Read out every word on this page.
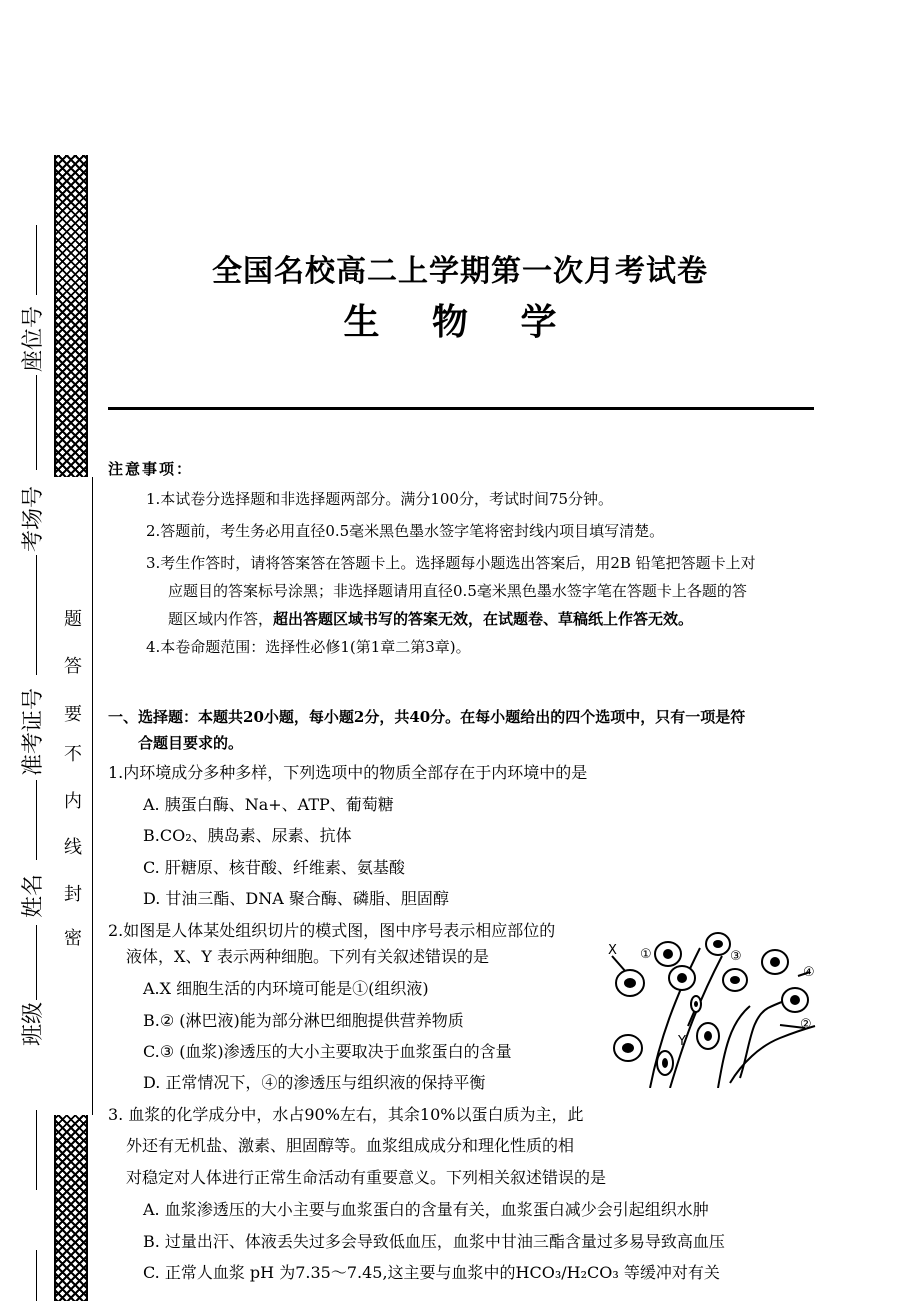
座位号
考场号
准考证号
姓名
班级
题
答
要
不
内
线
封
密
全国名校高二上学期第一次月考试卷
生 物 学
注意事项：
1.本试卷分选择题和非选择题两部分。满分100分，考试时间75分钟。
2.答题前，考生务必用直径0.5毫米黑色墨水签字笔将密封线内项目填写清楚。
3.考生作答时，请将答案答在答题卡上。选择题每小题选出答案后，用2B 铅笔把答题卡上对
应题目的答案标号涂黑；非选择题请用直径0.5毫米黑色墨水签字笔在答题卡上各题的答
题区域内作答，超出答题区域书写的答案无效，在试题卷、草稿纸上作答无效。
4.本卷命题范围：选择性必修1(第1章二第3章)。
一、选择题：本题共20小题，每小题2分，共40分。在每小题给出的四个选项中，只有一项是符
合题目要求的。
1.内环境成分多种多样，下列选项中的物质全部存在于内环境中的是
A. 胰蛋白酶、Na+、ATP、葡萄糖
B.CO₂、胰岛素、尿素、抗体
C. 肝糖原、核苷酸、纤维素、氨基酸
D. 甘油三酯、DNA 聚合酶、磷脂、胆固醇
2.如图是人体某处组织切片的模式图，图中序号表示相应部位的
液体，X、Y 表示两种细胞。下列有关叙述错误的是
A.X 细胞生活的内环境可能是①(组织液)
B.② (淋巴液)能为部分淋巴细胞提供营养物质
C.③ (血浆)渗透压的大小主要取决于血浆蛋白的含量
D. 正常情况下，④的渗透压与组织液的保持平衡
X ①	③
④
②
Y
3. 血浆的化学成分中，水占90%左右，其余10%以蛋白质为主，此
外还有无机盐、激素、胆固醇等。血浆组成成分和理化性质的相
对稳定对人体进行正常生命活动有重要意义。下列相关叙述错误的是
A. 血浆渗透压的大小主要与血浆蛋白的含量有关，血浆蛋白减少会引起组织水肿
B. 过量出汗、体液丢失过多会导致低血压，血浆中甘油三酯含量过多易导致高血压
C. 正常人血浆 pH 为7.35～7.45,这主要与血浆中的HCO₃/H₂CO₃ 等缓冲对有关
